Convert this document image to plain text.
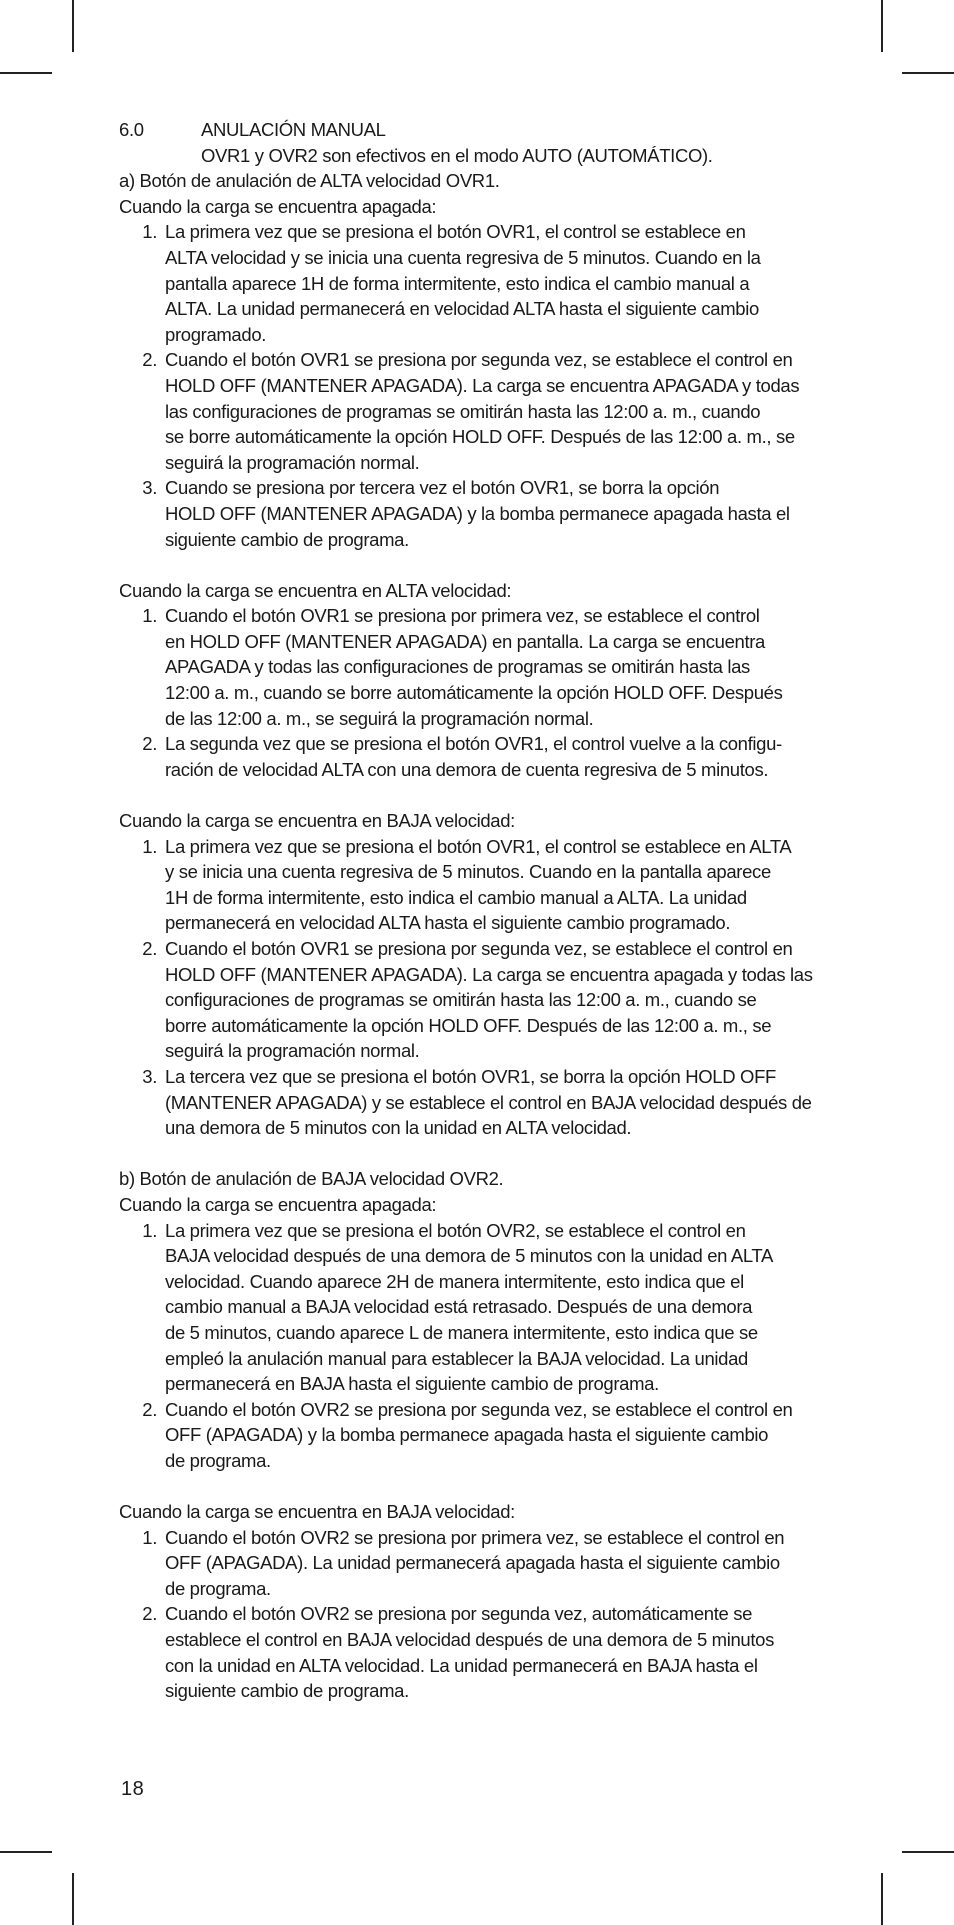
6.0	ANULACIÓN MANUAL

OVR1 y OVR2 son efectivos en el modo AUTO (AUTOMÁTICO).

a) Botón de anulación de ALTA velocidad OVR1.

Cuando la carga se encuentra apagada:

1. La primera vez que se presiona el botón OVR1, el control se establece en
ALTA velocidad y se inicia una cuenta regresiva de 5 minutos. Cuando en la
pantalla aparece 1H de forma intermitente, esto indica el cambio manual a
ALTA. La unidad permanecerá en velocidad ALTA hasta el siguiente cambio
programado.
2. Cuando el botón OVR1 se presiona por segunda vez, se establece el control en
HOLD OFF (MANTENER APAGADA). La carga se encuentra APAGADA y todas
las configuraciones de programas se omitirán hasta las 12:00 a. m., cuando
se borre automáticamente la opción HOLD OFF. Después de las 12:00 a. m., se
seguirá la programación normal.
3. Cuando se presiona por tercera vez el botón OVR1, se borra la opción
HOLD OFF (MANTENER APAGADA) y la bomba permanece apagada hasta el
siguiente cambio de programa.

Cuando la carga se encuentra en ALTA velocidad:

1. Cuando el botón OVR1 se presiona por primera vez, se establece el control
en HOLD OFF (MANTENER APAGADA) en pantalla. La carga se encuentra
APAGADA y todas las configuraciones de programas se omitirán hasta las
12:00 a. m., cuando se borre automáticamente la opción HOLD OFF. Después
de las 12:00 a. m., se seguirá la programación normal.
2. La segunda vez que se presiona el botón OVR1, el control vuelve a la configu-
ración de velocidad ALTA con una demora de cuenta regresiva de 5 minutos.

Cuando la carga se encuentra en BAJA velocidad:

1. La primera vez que se presiona el botón OVR1, el control se establece en ALTA
y se inicia una cuenta regresiva de 5 minutos. Cuando en la pantalla aparece
1H de forma intermitente, esto indica el cambio manual a ALTA. La unidad
permanecerá en velocidad ALTA hasta el siguiente cambio programado.
2. Cuando el botón OVR1 se presiona por segunda vez, se establece el control en
HOLD OFF (MANTENER APAGADA). La carga se encuentra apagada y todas las
configuraciones de programas se omitirán hasta las 12:00 a. m., cuando se
borre automáticamente la opción HOLD OFF. Después de las 12:00 a. m., se
seguirá la programación normal.
3. La tercera vez que se presiona el botón OVR1, se borra la opción HOLD OFF
(MANTENER APAGADA) y se establece el control en BAJA velocidad después de
una demora de 5 minutos con la unidad en ALTA velocidad.

b) Botón de anulación de BAJA velocidad OVR2.

Cuando la carga se encuentra apagada:

1. La primera vez que se presiona el botón OVR2, se establece el control en
BAJA velocidad después de una demora de 5 minutos con la unidad en ALTA
velocidad. Cuando aparece 2H de manera intermitente, esto indica que el
cambio manual a BAJA velocidad está retrasado. Después de una demora
de 5 minutos, cuando aparece L de manera intermitente, esto indica que se
empleó la anulación manual para establecer la BAJA velocidad. La unidad
permanecerá en BAJA hasta el siguiente cambio de programa.
2. Cuando el botón OVR2 se presiona por segunda vez, se establece el control en
OFF (APAGADA) y la bomba permanece apagada hasta el siguiente cambio
de programa.

Cuando la carga se encuentra en BAJA velocidad:

1. Cuando el botón OVR2 se presiona por primera vez, se establece el control en
OFF (APAGADA). La unidad permanecerá apagada hasta el siguiente cambio
de programa.
2. Cuando el botón OVR2 se presiona por segunda vez, automáticamente se
establece el control en BAJA velocidad después de una demora de 5 minutos
con la unidad en ALTA velocidad. La unidad permanecerá en BAJA hasta el
siguiente cambio de programa.
18
